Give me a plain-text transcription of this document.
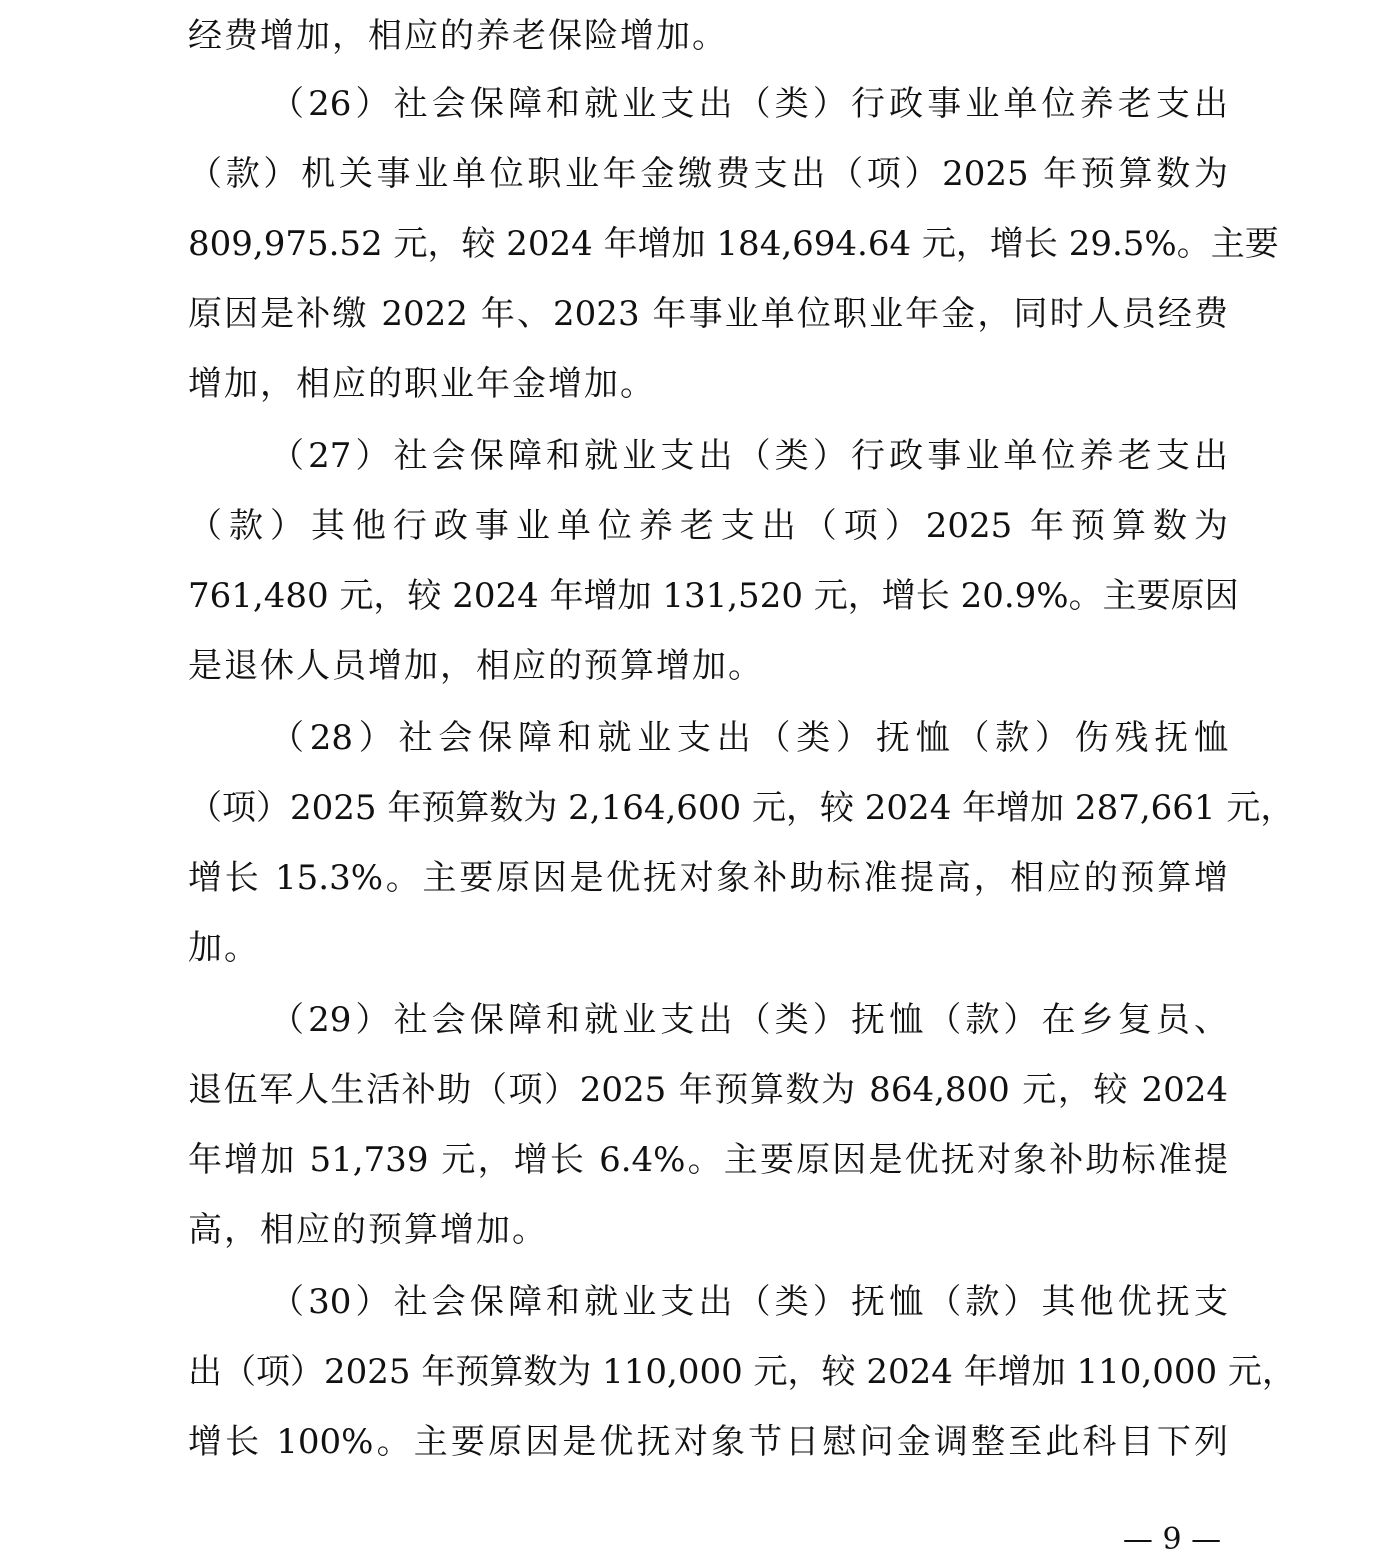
经费增加，相应的养老保险增加。
（26）社会保障和就业支出（类）行政事业单位养老支出
（款）机关事业单位职业年金缴费支出（项）2025 年预算数为
809,975.52 元，较 2024 年增加 184,694.64 元，增长 29.5%。主要
原因是补缴 2022 年、2023 年事业单位职业年金，同时人员经费
增加，相应的职业年金增加。
（27）社会保障和就业支出（类）行政事业单位养老支出
（款）其他行政事业单位养老支出（项）2025 年预算数为
761,480 元，较 2024 年增加 131,520 元，增长 20.9%。主要原因
是退休人员增加，相应的预算增加。
（28）社会保障和就业支出（类）抚恤（款）伤残抚恤
（项）2025 年预算数为 2,164,600 元，较 2024 年增加 287,661 元，
增长 15.3%。主要原因是优抚对象补助标准提高，相应的预算增
加。
（29）社会保障和就业支出（类）抚恤（款）在乡复员、
退伍军人生活补助（项）2025 年预算数为 864,800 元，较 2024
年增加 51,739 元，增长 6.4%。主要原因是优抚对象补助标准提
高，相应的预算增加。
（30）社会保障和就业支出（类）抚恤（款）其他优抚支
出（项）2025 年预算数为 110,000 元，较 2024 年增加 110,000 元，
增长 100%。主要原因是优抚对象节日慰问金调整至此科目下列
— 9 —
